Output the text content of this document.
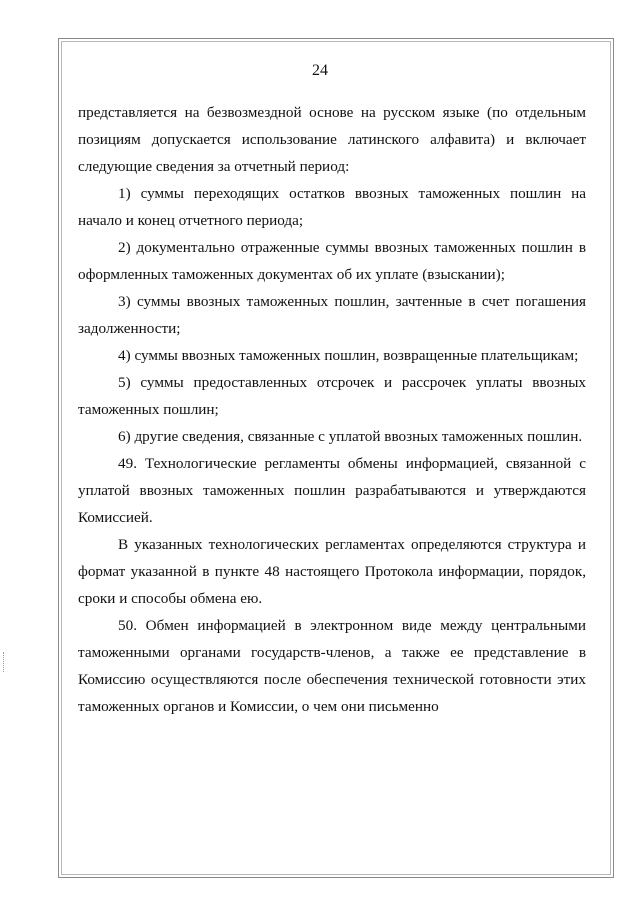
24

представляется на безвозмездной основе на русском языке (по отдельным позициям допускается использование латинского алфавита) и включает следующие сведения за отчетный период:

1) суммы переходящих остатков ввозных таможенных пошлин на начало и конец отчетного периода;

2) документально отраженные суммы ввозных таможенных пошлин в оформленных таможенных документах об их уплате (взыскании);

3) суммы ввозных таможенных пошлин, зачтенные в счет погашения задолженности;

4) суммы ввозных таможенных пошлин, возвращенные плательщикам;

5) суммы предоставленных отсрочек и рассрочек уплаты ввозных таможенных пошлин;

6) другие сведения, связанные с уплатой ввозных таможенных пошлин.

49. Технологические регламенты обмены информацией, связанной с уплатой ввозных таможенных пошлин разрабатываются и утверждаются Комиссией.

В указанных технологических регламентах определяются структура и формат указанной в пункте 48 настоящего Протокола информации, порядок, сроки и способы обмена ею.

50. Обмен информацией в электронном виде между центральными таможенными органами государств-членов, а также ее представление в Комиссию осуществляются после обеспечения технической готовности этих таможенных органов и Комиссии, о чем они письменно
